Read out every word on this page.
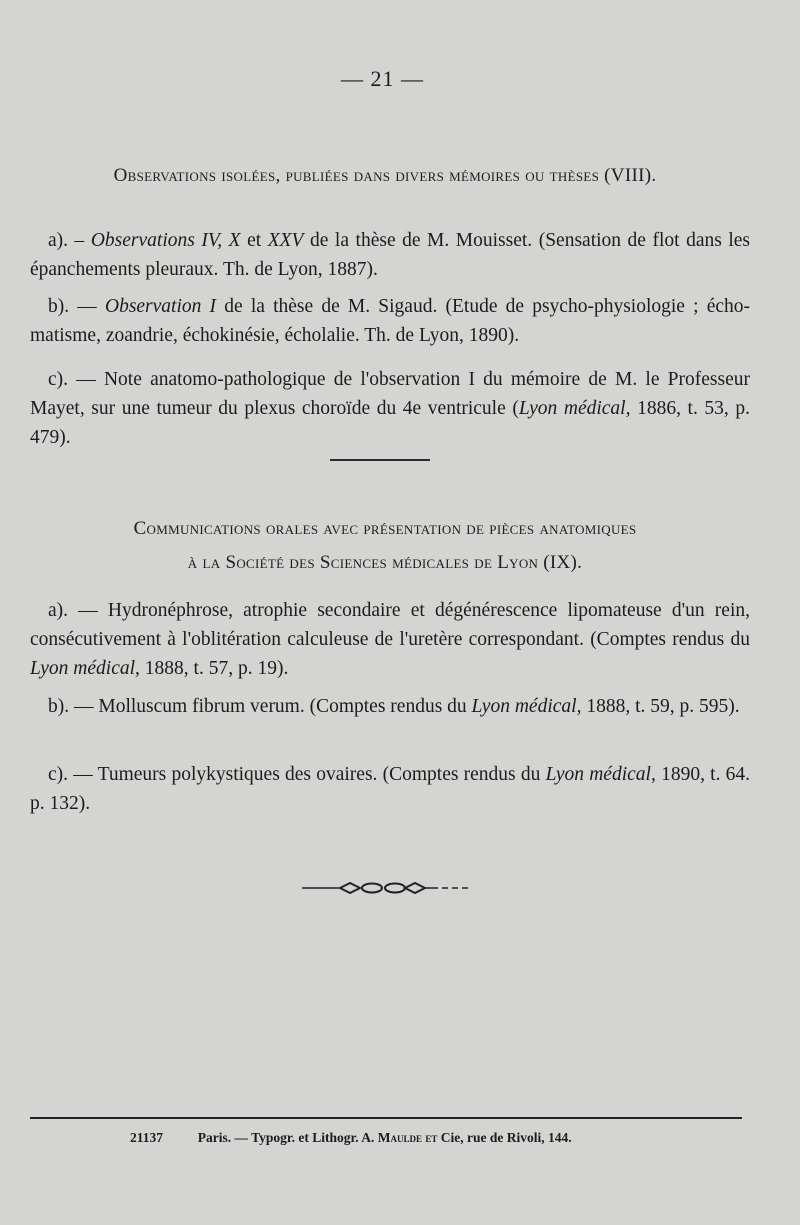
— 21 —
Observations isolées, publiées dans divers mémoires ou thèses (VIII).
a). – Observations IV, X et XXV de la thèse de M. Mouisset. (Sensation de flot dans les épanchements pleuraux. Th. de Lyon, 1887).
b). — Observation I de la thèse de M. Sigaud. (Etude de psycho-physiologie ; écho-matisme, zoandrie, échokinésie, écholalie. Th. de Lyon, 1890).
c). — Note anatomo-pathologique de l'observation I du mémoire de M. le Professeur Mayet, sur une tumeur du plexus choroïde du 4e ventricule (Lyon médical, 1886, t. 53, p. 479).
Communications orales avec présentation de pièces anatomiques
à la Société des Sciences médicales de Lyon (IX).
a). — Hydronéphrose, atrophie secondaire et dégénérescence lipomateuse d'un rein, consécutivement à l'oblitération calculeuse de l'uretère correspondant. (Comptes rendus du Lyon médical, 1888, t. 57, p. 19).
b). — Molluscum fibrum verum. (Comptes rendus du Lyon médical, 1888, t. 59, p. 595).
c). — Tumeurs polykystiques des ovaires. (Comptes rendus du Lyon médical, 1890, t. 64. p. 132).
21137	Paris. — Typogr. et Lithogr. A. Maulde et Cie, rue de Rivoli, 144.
